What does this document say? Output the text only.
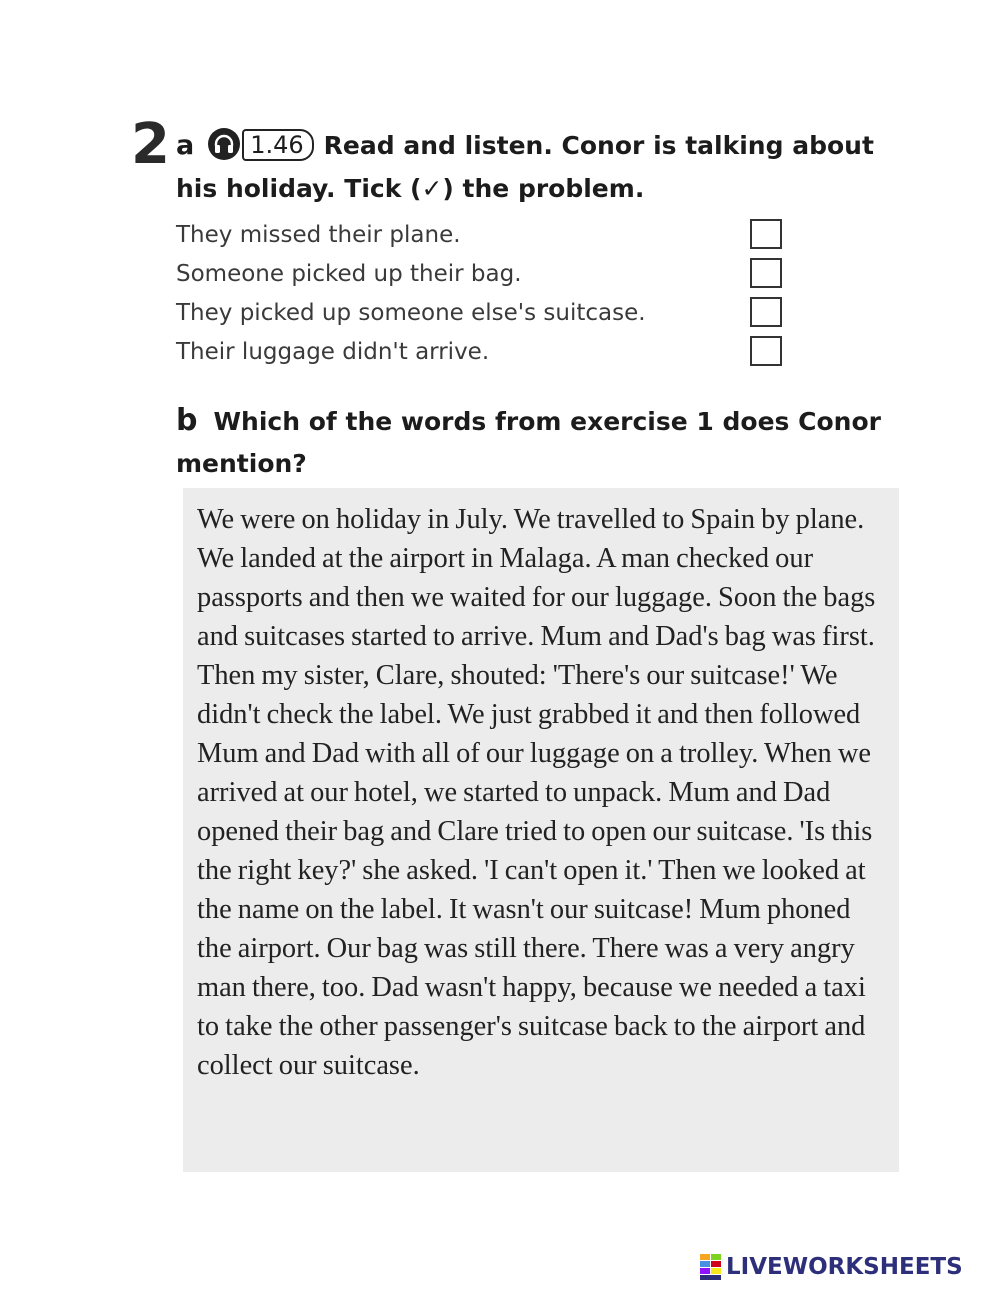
2 a 1.46 Read and listen. Conor is talking about his holiday. Tick (✓) the problem.
They missed their plane.
Someone picked up their bag.
They picked up someone else's suitcase.
Their luggage didn't arrive.
b Which of the words from exercise 1 does Conor mention?

We were on holiday in July. We travelled to Spain by plane. We landed at the airport in Malaga. A man checked our passports and then we waited for our luggage. Soon the bags and suitcases started to arrive. Mum and Dad's bag was first. Then my sister, Clare, shouted: 'There's our suitcase!' We didn't check the label. We just grabbed it and then followed Mum and Dad with all of our luggage on a trolley. When we arrived at our hotel, we started to unpack. Mum and Dad opened their bag and Clare tried to open our suitcase. 'Is this the right key?' she asked. 'I can't open it.' Then we looked at the name on the label. It wasn't our suitcase! Mum phoned the airport. Our bag was still there. There was a very angry man there, too. Dad wasn't happy, because we needed a taxi to take the other passenger's suitcase back to the airport and collect our suitcase.

LIVEWORKSHEETS
